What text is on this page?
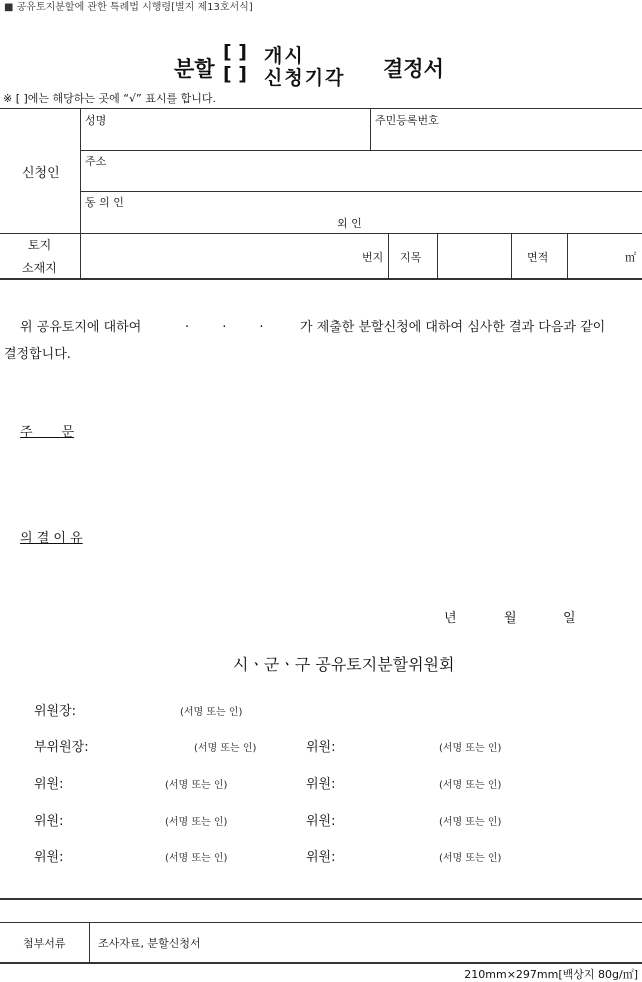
■ 공유토지분할에 관한 특례법 시행령[별지 제13호서식]
분할
[ ] 개시
[ ] 신청기각 결정서
※ [ ]에는 해당하는 곳에 “√” 표시를 합니다.
신청인
성명	주민등록번호
주소
동 의 인
외 인
토지
소재지
번지 지목	면적	㎡
위 공유토지에 대하여	.        .        .	가 제출한 분할신청에 대하여 심사한 결과 다음과 같이
결정합니다.
주       문
의 결 이 유
년	월	일
시ㆍ군ㆍ구 공유토지분할위원회
위원장:	(서명 또는 인)
부위원장:	(서명 또는 인)	위원:	(서명 또는 인)
위원:	(서명 또는 인)	위원:	(서명 또는 인)
위원:	(서명 또는 인)	위원:	(서명 또는 인)
위원:	(서명 또는 인)	위원:	(서명 또는 인)
첨부서류	조사자료, 분할신청서
210mm×297mm[백상지 80g/㎡]
